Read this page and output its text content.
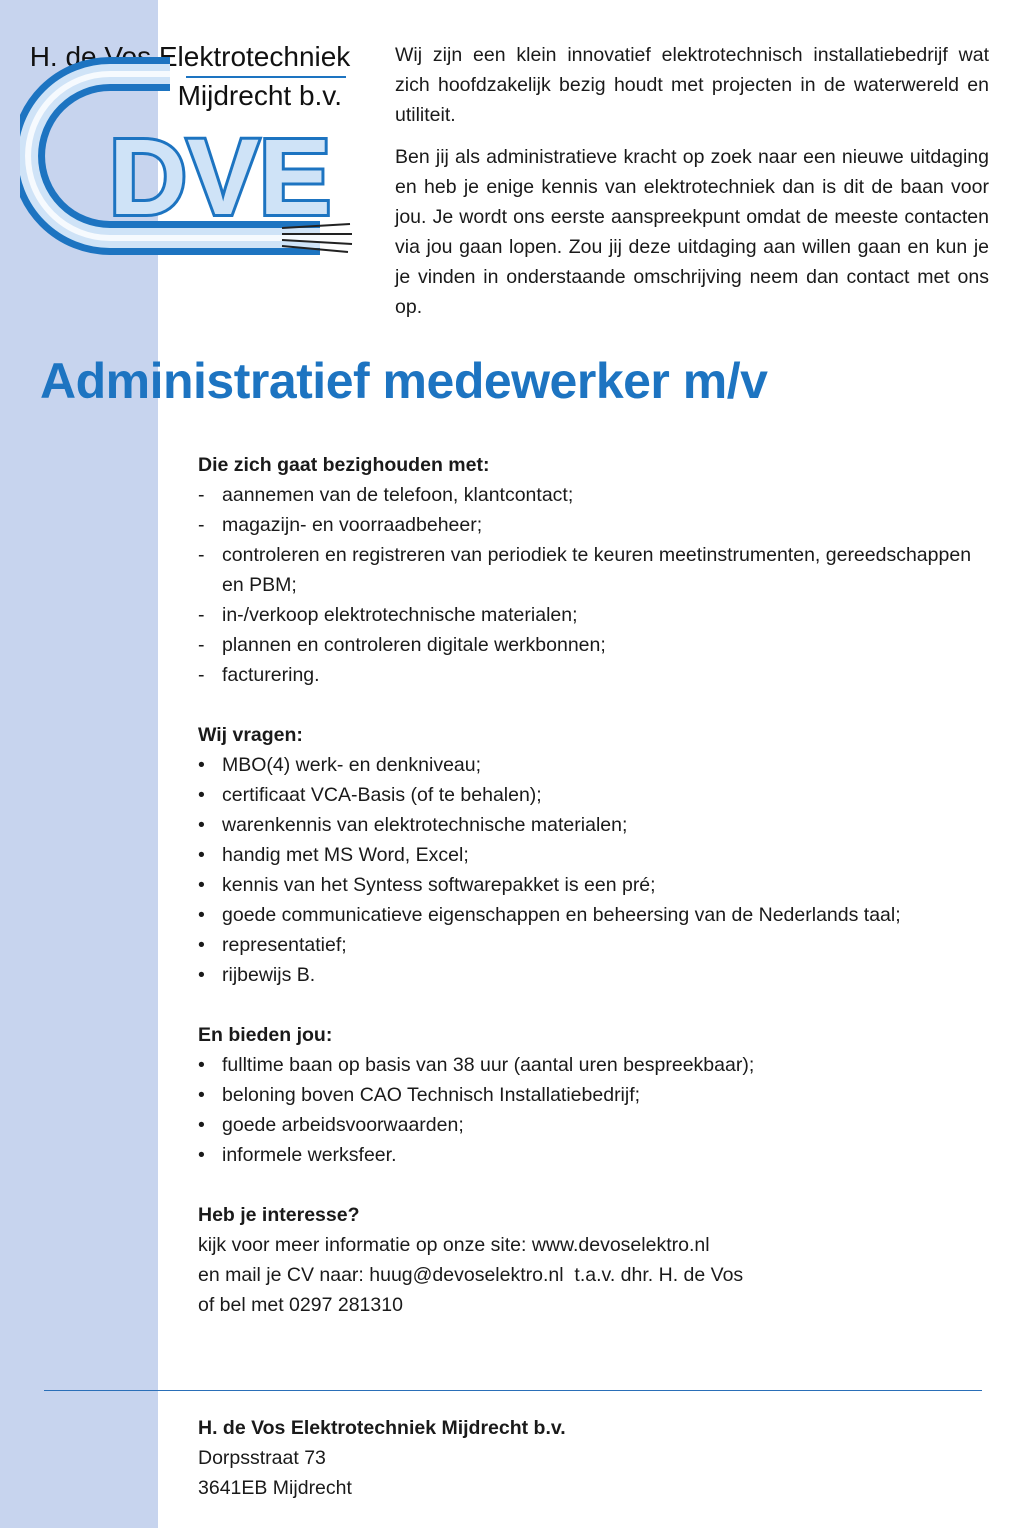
H. de Vos Elektrotechniek
Mijdrecht b.v.
DVE

Wij zijn een klein innovatief elektrotechnisch installatiebedrijf wat zich hoofdzakelijk bezig houdt met projecten in de waterwereld en utiliteit.

Ben jij als administratieve kracht op zoek naar een nieuwe uitdaging en heb je enige kennis van elektrotechniek dan is dit de baan voor jou. Je wordt ons eerste aanspreekpunt omdat de meeste contacten via jou gaan lopen. Zou jij deze uitdaging aan willen gaan en kun je je vinden in onderstaande omschrijving neem dan contact met ons op.

Administratief medewerker m/v

Die zich gaat bezighouden met:

- aannemen van de telefoon, klantcontact;
- magazijn- en voorraadbeheer;
- controleren en registreren van periodiek te keuren meetinstrumenten, gereedschappen en PBM;
- in-/verkoop elektrotechnische materialen;
- plannen en controleren digitale werkbonnen;
- facturering.

Wij vragen:

• MBO(4) werk- en denkniveau;
• certificaat VCA-Basis (of te behalen);
• warenkennis van elektrotechnische materialen;
• handig met MS Word, Excel;
• kennis van het Syntess softwarepakket is een pré;
• goede communicatieve eigenschappen en beheersing van de Nederlands taal;
• representatief;
• rijbewijs B.

En bieden jou:

• fulltime baan op basis van 38 uur (aantal uren bespreekbaar);
• beloning boven CAO Technisch Installatiebedrijf;
• goede arbeidsvoorwaarden;
• informele werksfeer.

Heb je interesse?

kijk voor meer informatie op onze site: www.devoselektro.nl

en mail je CV naar: huug@devoselektro.nl  t.a.v. dhr. H. de Vos

of bel met 0297 281310

H. de Vos Elektrotechniek Mijdrecht b.v.
Dorpsstraat 73
3641EB Mijdrecht
